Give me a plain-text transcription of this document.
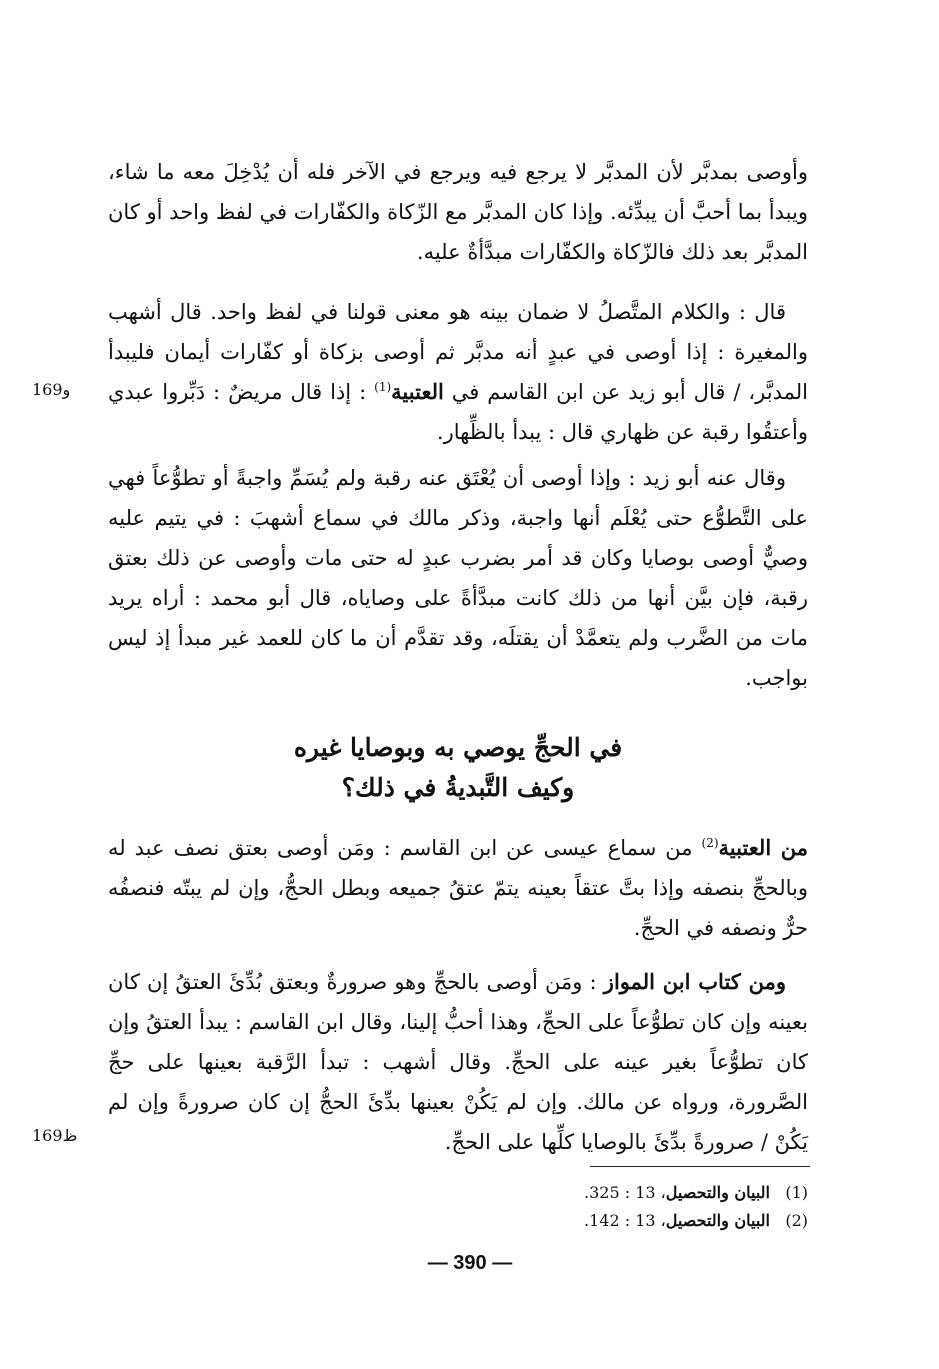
وأوصى بمدبَّر لأن المدبَّر لا يرجع فيه ويرجع في الآخر فله أن يُدْخِلَ معه ما شاء، ويبدأ بما أحبَّ أن يبدِّئه. وإذا كان المدبَّر مع الزّكاة والكفّارات في لفظ واحد أو كان المدبَّر بعد ذلك فالزّكاة والكفّارات مبدَّأةٌ عليه.

قال : والكلام المتَّصلُ لا ضمان بينه هو معنى قولنا في لفظ واحد. قال أشهب والمغيرة : إذا أوصى في عبدٍ أنه مدبَّر ثم أوصى بزكاة أو كفّارات أيمان فليبدأ المدبَّر، / قال أبو زيد عن ابن القاسم في العتبية$^{(1)}$ : إذا قال مريضٌ : دَبِّروا عبدي وأعتقُوا رقبة عن ظهاري قال : يبدأ بالظِّهار.

169و

وقال عنه أبو زيد : وإذا أوصى أن يُعْتَق عنه رقبة ولم يُسَمِّ واجبةً أو تطوُّعاً فهي على التَّطوُّع حتى يُعْلَم أنها واجبة، وذكر مالك في سماع أشهبَ : في يتيم عليه وصيٌّ أوصى بوصايا وكان قد أمر بضرب عبدٍ له حتى مات وأوصى عن ذلك بعتق رقبة، فإن بيَّن أنها من ذلك كانت مبدَّأةً على وصاياه، قال أبو محمد : أراه يريد مات من الضَّرب ولم يتعمَّدْ أن يقتلَه، وقد تقدَّم أن ما كان للعمد غير مبدأ إذ ليس بواجب.

في الحجِّ يوصي به وبوصايا غيره
وكيف التَّبديةُ في ذلك؟

من العتبية$^{(2)}$ من سماع عيسى عن ابن القاسم : ومَن أوصى بعتق نصف عبد له وبالحجِّ بنصفه وإذا بتَّ عتقاً بعينه يتمّ عتقُ جميعه وبطل الحجُّ، وإن لم يبتّه فنصفُه حرٌّ ونصفه في الحجِّ.

ومن كتاب ابن المواز : ومَن أوصى بالحجِّ وهو صرورةٌ وبعتق بُدِّئَ العتقُ إن كان بعينه وإن كان تطوُّعاً على الحجِّ، وهذا أحبُّ إلينا، وقال ابن القاسم : يبدأ العتقُ وإن كان تطوُّعاً بغير عينه على الحجِّ. وقال أشهب : تبدأ الرَّقبة بعينها على حجِّ الصَّرورة، ورواه عن مالك. وإن لم يَكُنْ بعينها بدِّئَ الحجُّ إن كان صرورةً وإن لم يَكُنْ / صرورةً بدِّئَ بالوصايا كلِّها على الحجِّ.

169ظ
(1)البيان والتحصيل، 13 : 325.
(2)البيان والتحصيل، 13 : 142.
— 390 —
